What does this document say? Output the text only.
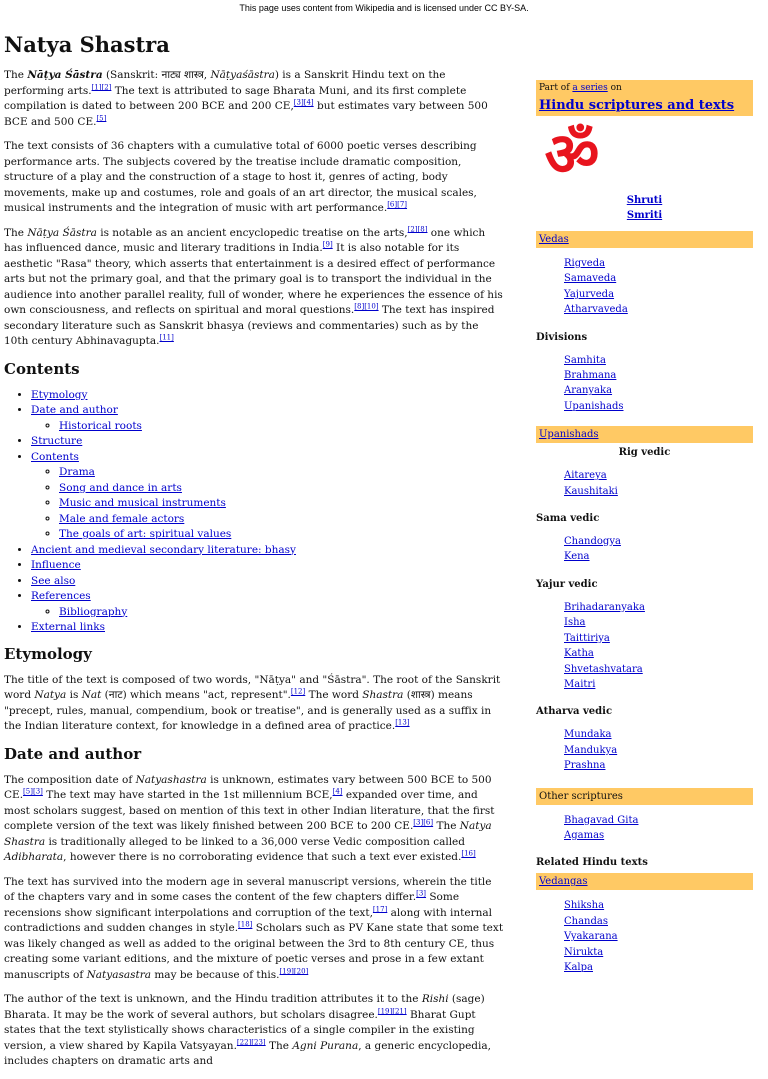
This page uses content from Wikipedia and is licensed under CC BY-SA.
Natya Shastra

The Nāṭya Śāstra (Sanskrit: नाट्य शास्त्र, Nāṭyaśāstra) is a Sanskrit Hindu text on the performing arts.[1][2] The text is attributed to sage Bharata Muni, and its first complete compilation is dated to between 200 BCE and 200 CE,[3][4] but estimates vary between 500 BCE and 500 CE.[5]

The text consists of 36 chapters with a cumulative total of 6000 poetic verses describing performance arts. The subjects covered by the treatise include dramatic composition, structure of a play and the construction of a stage to host it, genres of acting, body movements, make up and costumes, role and goals of an art director, the musical scales, musical instruments and the integration of music with art performance.[6][7]

The Nāṭya Śāstra is notable as an ancient encyclopedic treatise on the arts,[2][8] one which has influenced dance, music and literary traditions in India.[9] It is also notable for its aesthetic "Rasa" theory, which asserts that entertainment is a desired effect of performance arts but not the primary goal, and that the primary goal is to transport the individual in the audience into another parallel reality, full of wonder, where he experiences the essence of his own consciousness, and reflects on spiritual and moral questions.[8][10] The text has inspired secondary literature such as Sanskrit bhasya (reviews and commentaries) such as by the 10th century Abhinavagupta.[11]

Contents
• Etymology
• Date and author
◦ Historical roots
• Structure
• Contents
◦ Drama
◦ Song and dance in arts
◦ Music and musical instruments
◦ Male and female actors
◦ The goals of art: spiritual values
• Ancient and medieval secondary literature: bhasy
• Influence
• See also
• References
◦ Bibliography
• External links
Etymology

The title of the text is composed of two words, "Nāṭya" and "Śāstra". The root of the Sanskrit word Natya is Nat (नाट) which means "act, represent".[12] The word Shastra (शास्त्र) means "precept, rules, manual, compendium, book or treatise", and is generally used as a suffix in the Indian literature context, for knowledge in a defined area of practice.[13]

Date and author

The composition date of Natyashastra is unknown, estimates vary between 500 BCE to 500 CE.[5][3] The text may have started in the 1st millennium BCE,[4] expanded over time, and most scholars suggest, based on mention of this text in other Indian literature, that the first complete version of the text was likely finished between 200 BCE to 200 CE.[3][6] The Natya Shastra is traditionally alleged to be linked to a 36,000 verse Vedic composition called Adibharata, however there is no corroborating evidence that such a text ever existed.[16]

The text has survived into the modern age in several manuscript versions, wherein the title of the chapters vary and in some cases the content of the few chapters differ.[3] Some recensions show significant interpolations and corruption of the text,[17] along with internal contradictions and sudden changes in style.[18] Scholars such as PV Kane state that some text was likely changed as well as added to the original between the 3rd to 8th century CE, thus creating some variant editions, and the mixture of poetic verses and prose in a few extant manuscripts of Natyasastra may be because of this.[19][20]

The author of the text is unknown, and the Hindu tradition attributes it to the Rishi (sage) Bharata. It may be the work of several authors, but scholars disagree.[19][21] Bharat Gupt states that the text stylistically shows characteristics of a single compiler in the existing version, a view shared by Kapila Vatsyayan.[22][23] The Agni Purana, a generic encyclopedia, includes chapters on dramatic arts and

Part of a series on
Hindu scriptures and texts
ॐ
Shruti
Smriti
Vedas
Rigveda
Samaveda
Yajurveda
Atharvaveda
Divisions
Samhita
Brahmana
Aranyaka
Upanishads
Upanishads
Rig vedic
Aitareya
Kaushitaki
Sama vedic
Chandogya
Kena
Yajur vedic
Brihadaranyaka
Isha
Taittiriya
Katha
Shvetashvatara
Maitri
Atharva vedic
Mundaka
Mandukya
Prashna
Other scriptures
Bhagavad Gita
Agamas
Related Hindu texts
Vedangas
Shiksha
Chandas
Vyakarana
Nirukta
Kalpa
